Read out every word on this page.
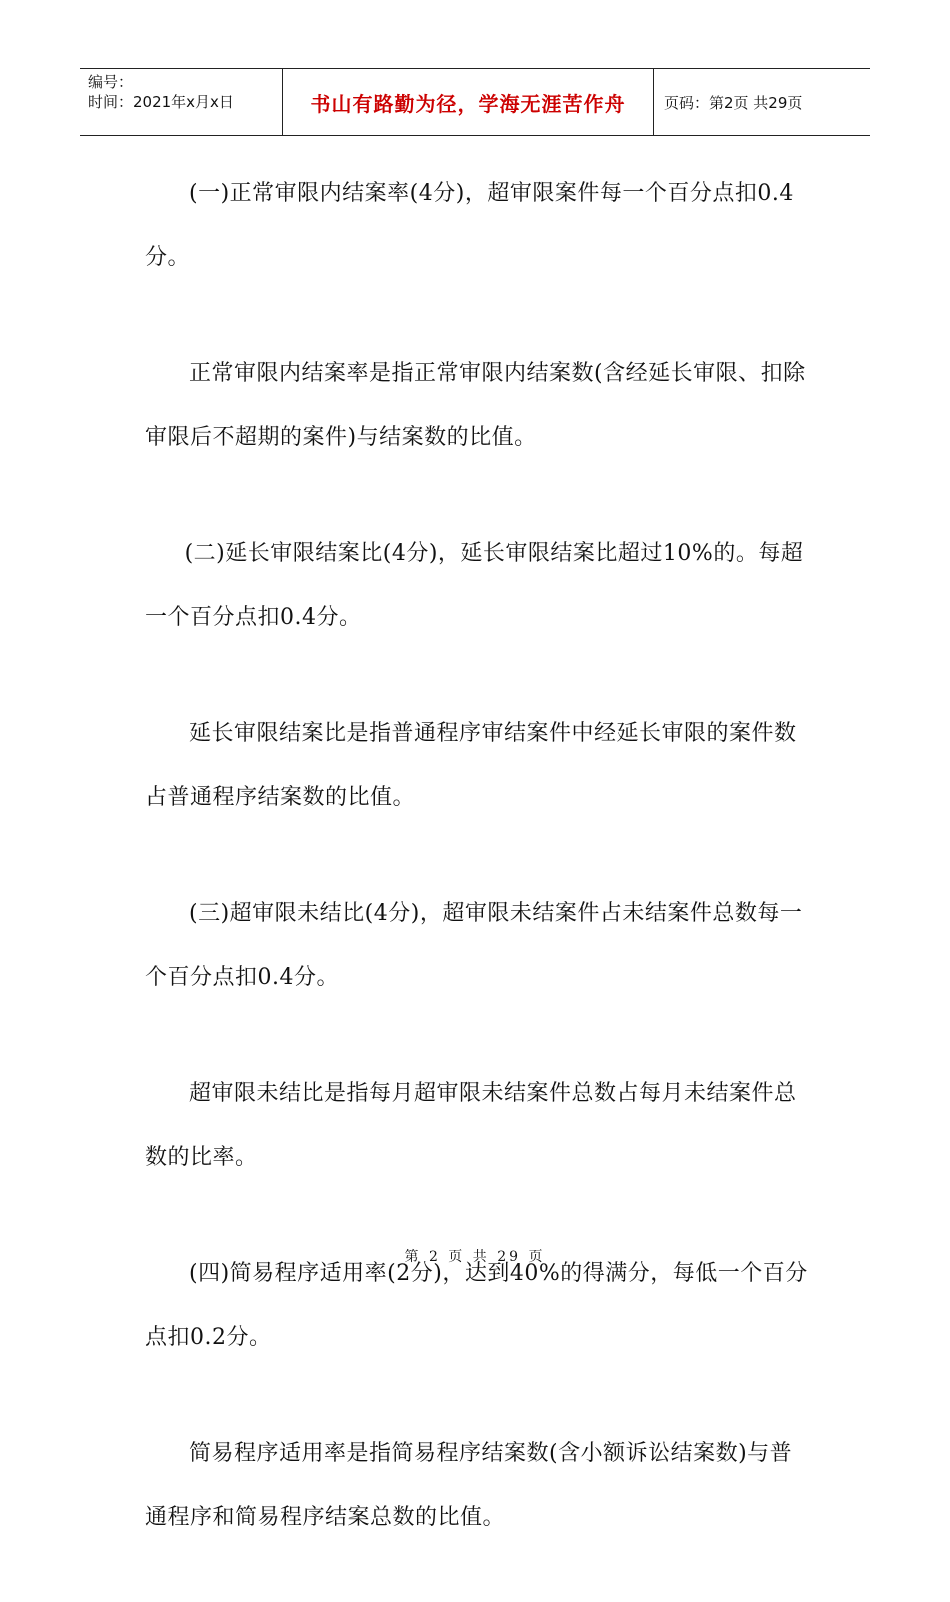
编号：
时间：2021年x月x日	书山有路勤为径，学海无涯苦作舟	页码：第2页 共29页

(一)正常审限内结案率(4分)，超审限案件每一个百分点扣0.4分。

正常审限内结案率是指正常审限内结案数(含经延长审限、扣除审限后不超期的案件)与结案数的比值。

(二)延长审限结案比(4分)，延长审限结案比超过10%的。每超一个百分点扣0.4分。

延长审限结案比是指普通程序审结案件中经延长审限的案件数占普通程序结案数的比值。

(三)超审限未结比(4分)，超审限未结案件占未结案件总数每一个百分点扣0.4分。

超审限未结比是指每月超审限未结案件总数占每月未结案件总数的比率。

(四)简易程序适用率(2分)，达到40%的得满分，每低一个百分点扣0.2分。

简易程序适用率是指简易程序结案数(含小额诉讼结案数)与普通程序和简易程序结案总数的比值。

第 2 页 共 29 页
